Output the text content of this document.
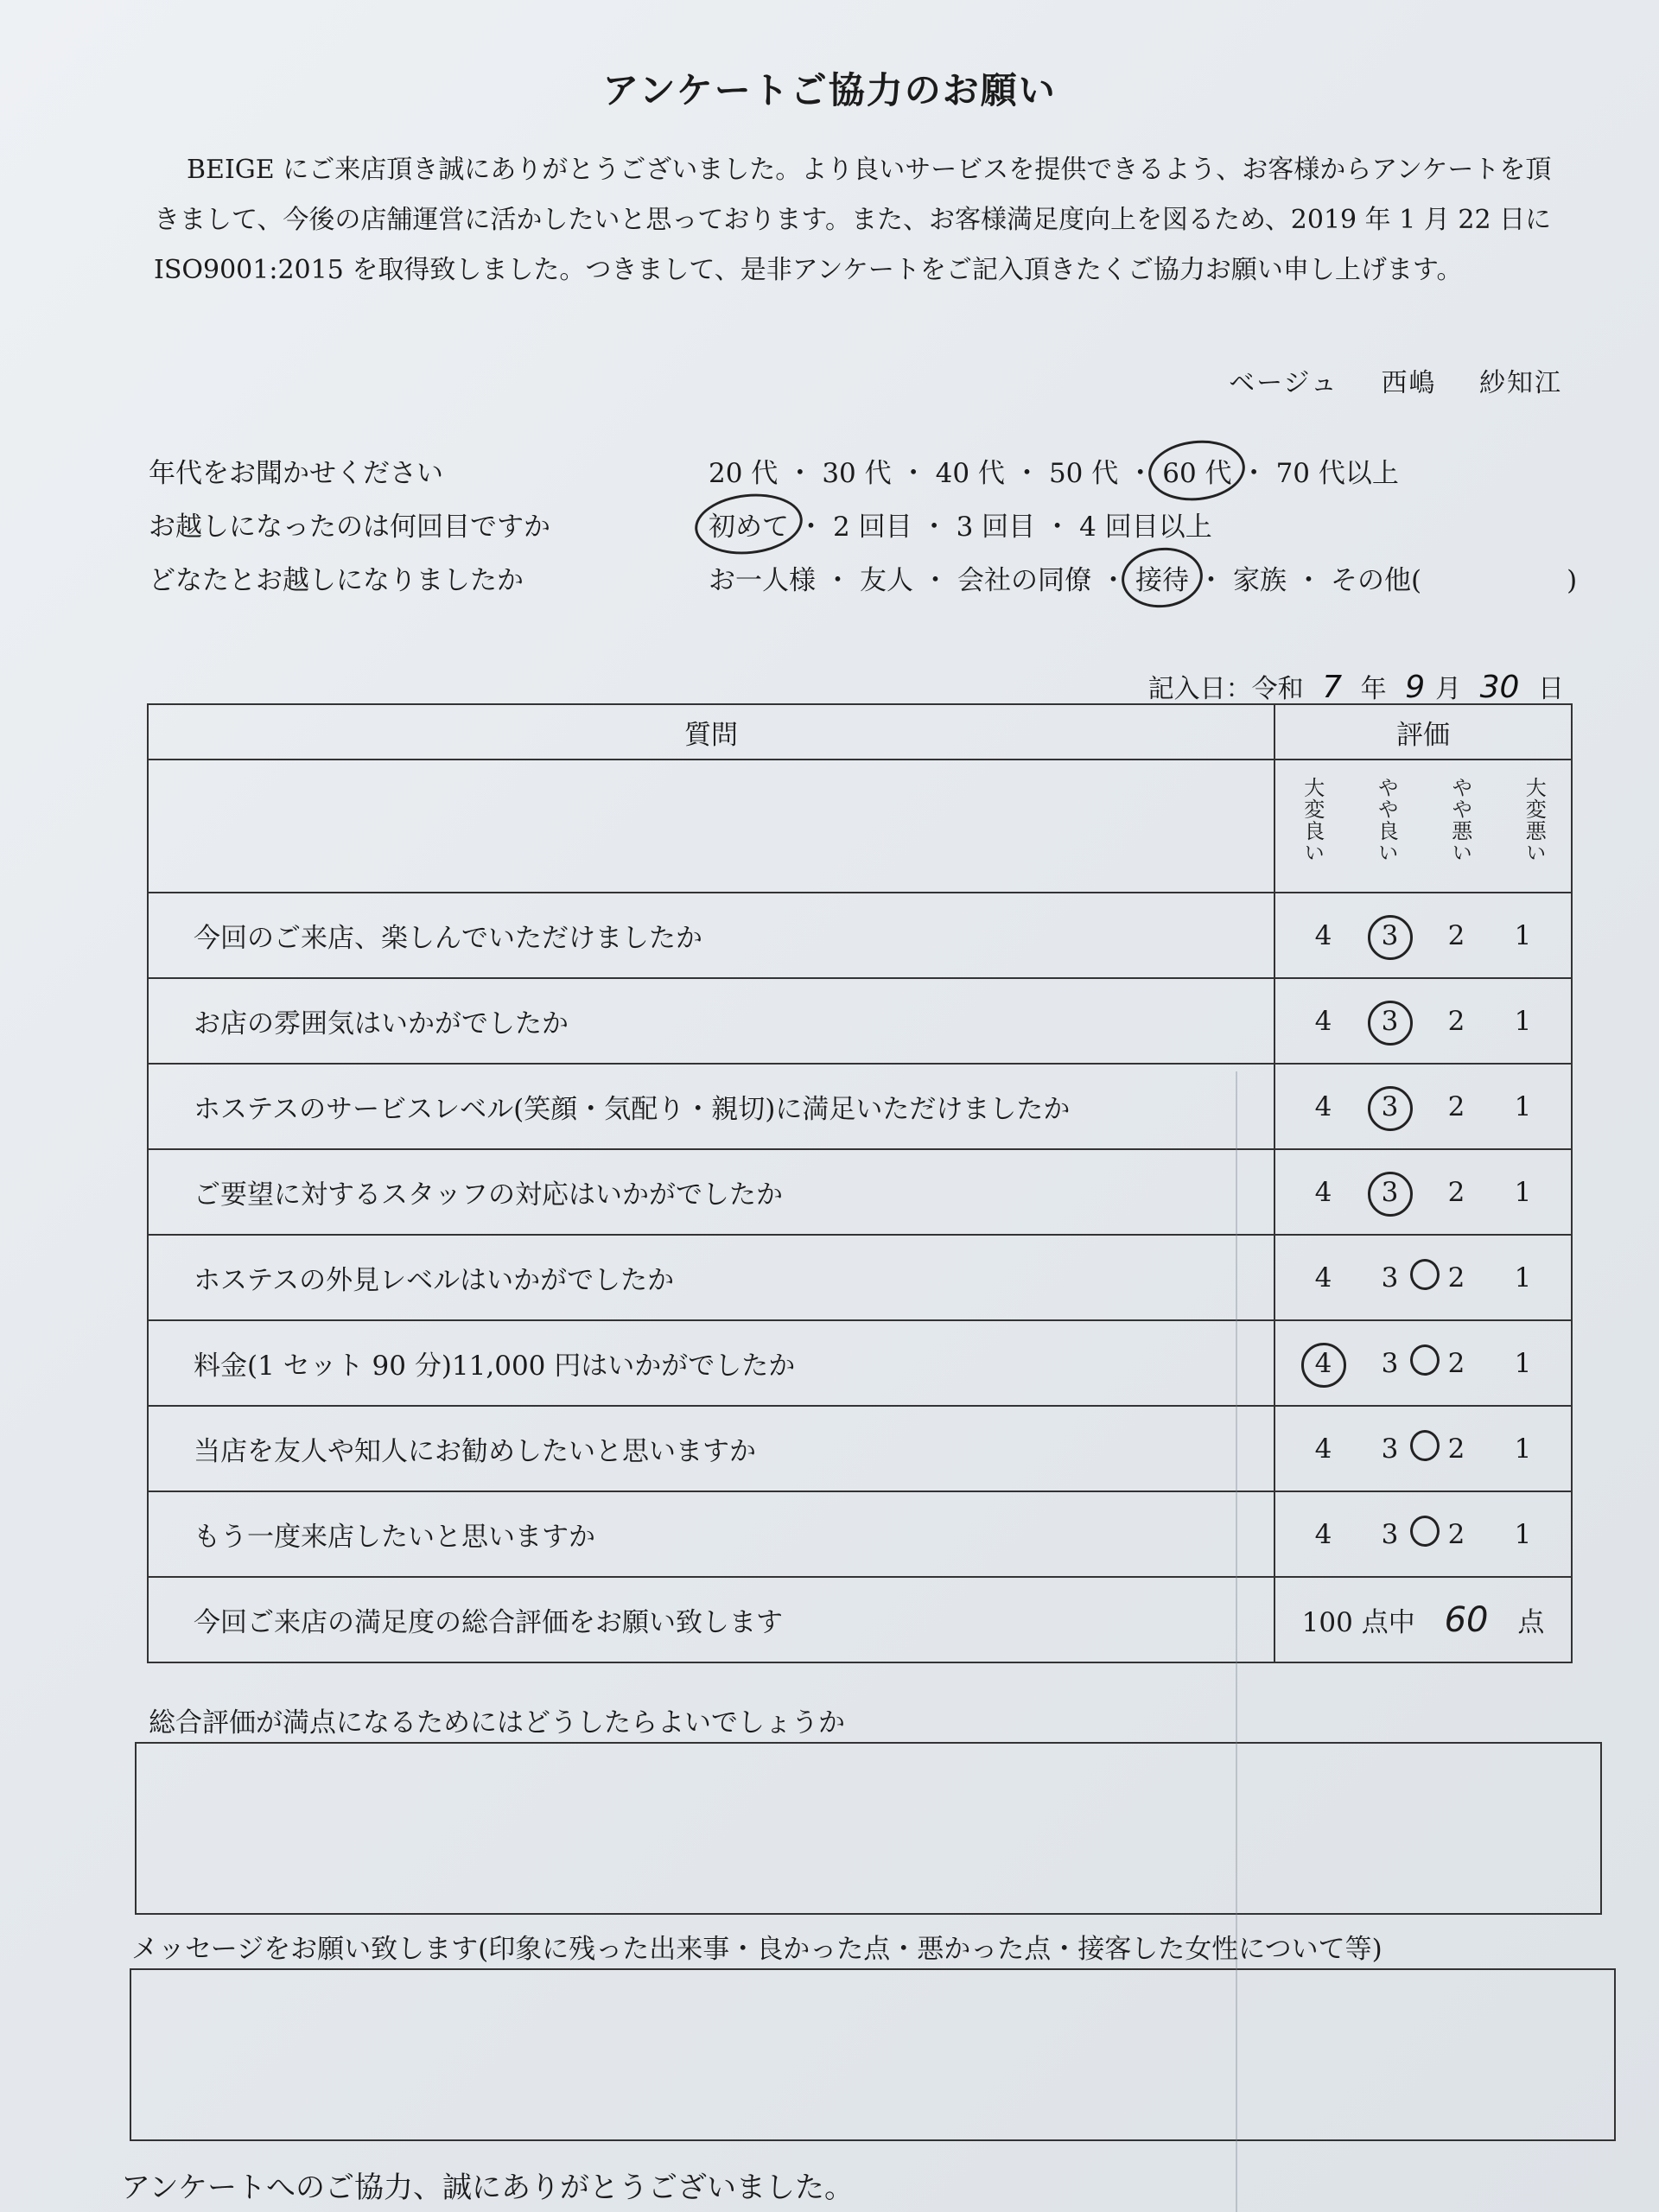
アンケートご協力のお願い

BEIGE にご来店頂き誠にありがとうございました。より良いサービスを提供できるよう、お客様からアンケートを頂きまして、今後の店舗運営に活かしたいと思っております。また、お客様満足度向上を図るため、2019 年 1 月 22 日に ISO9001:2015 を取得致しました。つきまして、是非アンケートをご記入頂きたくご協力お願い申し上げます。

ベージュ 西嶋 紗知江
年代をお聞かせください	20 代 ・ 30 代 ・ 40 代 ・ 50 代 ・ 60 代 ・ 70 代以上
お越しになったのは何回目ですか	初めて ・ 2 回目 ・ 3 回目 ・ 4 回目以上
どなたとお越しになりましたか	お一人様 ・ 友人 ・ 会社の同僚 ・ 接待 ・ 家族 ・ その他(	)
記入日：令和 7 年 9 月 30 日
質問	評価

	大変良い やや良い やや悪い 大変悪い

今回のご来店、楽しんでいただけましたか	4 3 2 1

お店の雰囲気はいかがでしたか	4 3 2 1

ホステスのサービスレベル(笑顔・気配り・親切)に満足いただけましたか	4 3 2 1

ご要望に対するスタッフの対応はいかがでしたか	4 3 2 1

ホステスの外見レベルはいかがでしたか	4 3 2 1

料金(1 セット 90 分)11,000 円はいかがでしたか	4 3 2 1

当店を友人や知人にお勧めしたいと思いますか	4 3 2 1

もう一度来店したいと思いますか	4 3 2 1

今回ご来店の満足度の総合評価をお願い致します	100 点中 60 点
総合評価が満点になるためにはどうしたらよいでしょうか
メッセージをお願い致します(印象に残った出来事・良かった点・悪かった点・接客した女性について等)
アンケートへのご協力、誠にありがとうございました。
